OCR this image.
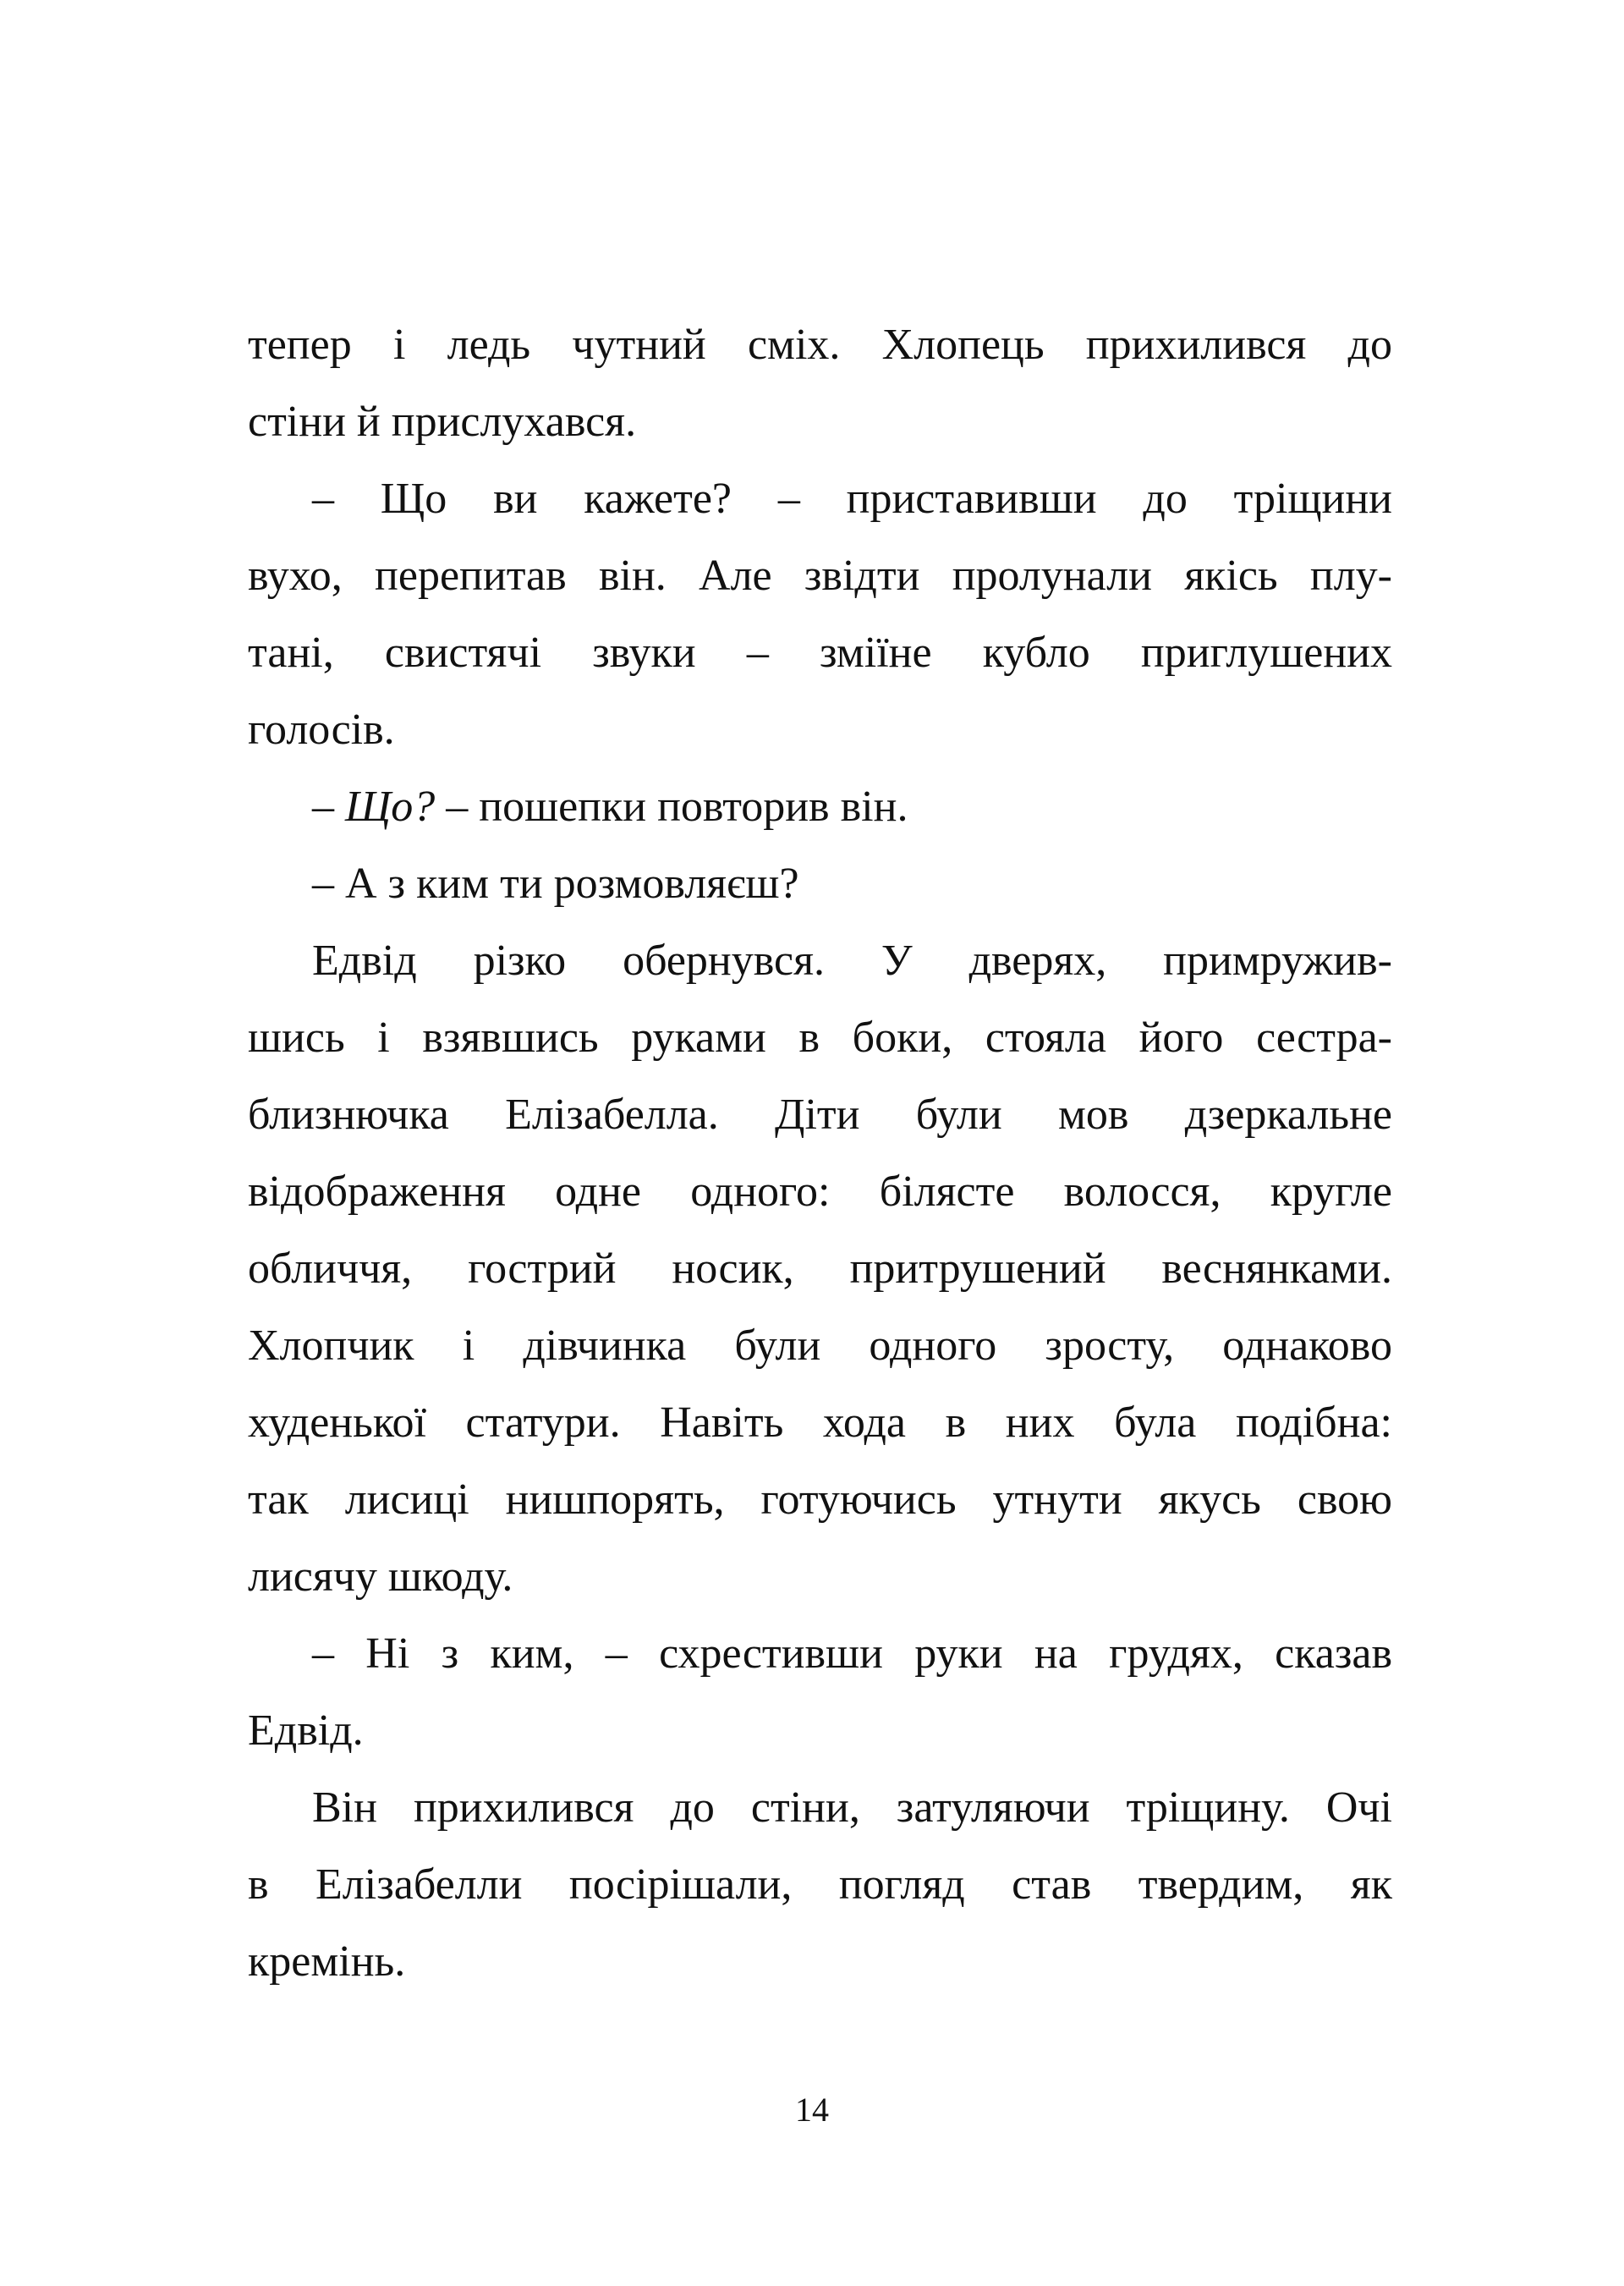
тепер і ледь чутний сміх. Хлопець прихилився до
стіни й прислухався.
– Що ви кажете? – приставивши до тріщини
вухо, перепитав він. Але звідти пролунали якісь плу-
тані, свистячі звуки – зміїне кубло приглушених
голосів.
– Що? – пошепки повторив він.
– А з ким ти розмовляєш?
Едвід різко обернувся. У дверях, примружив-
шись і взявшись руками в боки, стояла його сестра-
близнючка Елізабелла. Діти були мов дзеркальне
відображення одне одного: білясте волосся, кругле
обличчя, гострий носик, притрушений веснянками.
Хлопчик і дівчинка були одного зросту, однаково
худенької статури. Навіть хода в них була подібна:
так лисиці нишпорять, готуючись утнути якусь свою
лисячу шкоду.
– Ні з ким, – схрестивши руки на грудях, сказав
Едвід.
Він прихилився до стіни, затуляючи тріщину. Очі
в Елізабелли посірішали, погляд став твердим, як
кремінь.
14
